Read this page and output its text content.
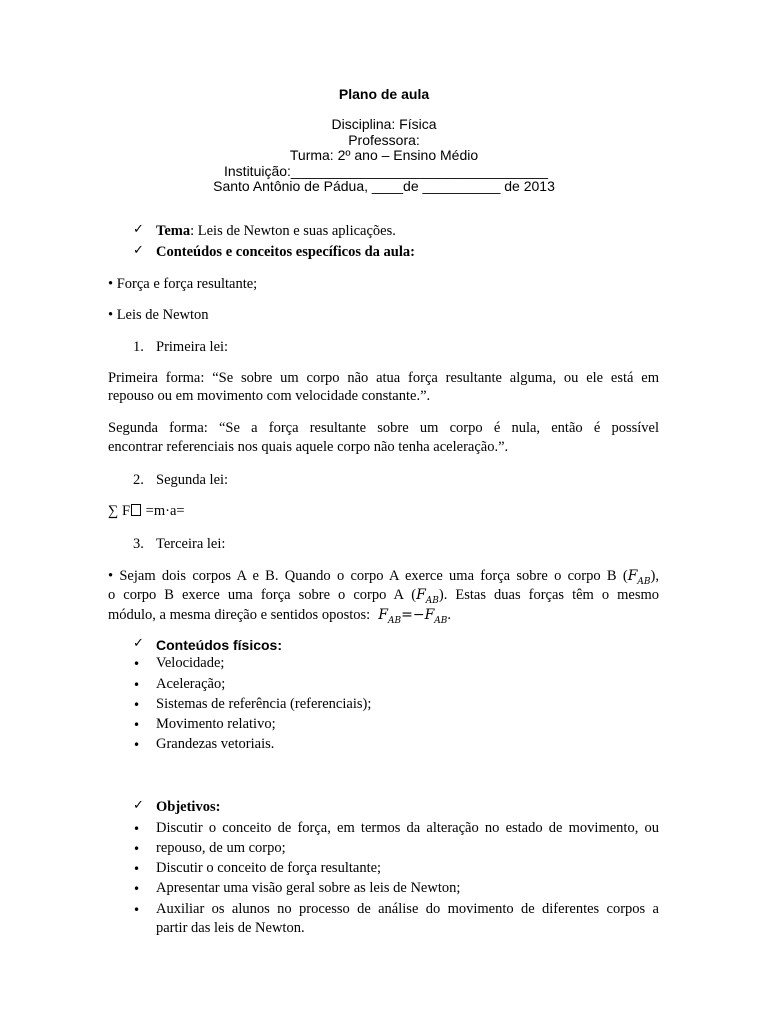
Plano de aula
Disciplina: Física
Professora:
Turma: 2º ano – Ensino Médio
Instituição:_________________________________
Santo Antônio de Pádua, ____de __________ de 2013
✓ Tema: Leis de Newton e suas aplicações.
✓ Conteúdos e conceitos específicos da aula:
• Força e força resultante;
• Leis de Newton
1. Primeira lei:
Primeira forma: “Se sobre um corpo não atua força resultante alguma, ou ele está em
repouso ou em movimento com velocidade constante.”.
Segunda forma: “Se a força resultante sobre um corpo é nula, então é possível
encontrar referenciais nos quais aquele corpo não tenha aceleração.”.
2. Segunda lei:
∑ F =m·a=
3. Terceira lei:
• Sejam dois corpos A e B. Quando o corpo A exerce uma força sobre o corpo B $(F_{AB})$,
o corpo B exerce uma força sobre o corpo A $(F_{AB})$. Estas duas forças têm o mesmo
módulo, a mesma direção e sentidos opostos: $F_{AB}=-F_{AB}$.
✓ Conteúdos físicos:
• Velocidade;
• Aceleração;
• Sistemas de referência (referenciais);
• Movimento relativo;
• Grandezas vetoriais.
✓ Objetivos:
• Discutir o conceito de força, em termos da alteração no estado de movimento, ou
• repouso, de um corpo;
• Discutir o conceito de força resultante;
• Apresentar uma visão geral sobre as leis de Newton;
• Auxiliar os alunos no processo de análise do movimento de diferentes corpos a
partir das leis de Newton.
